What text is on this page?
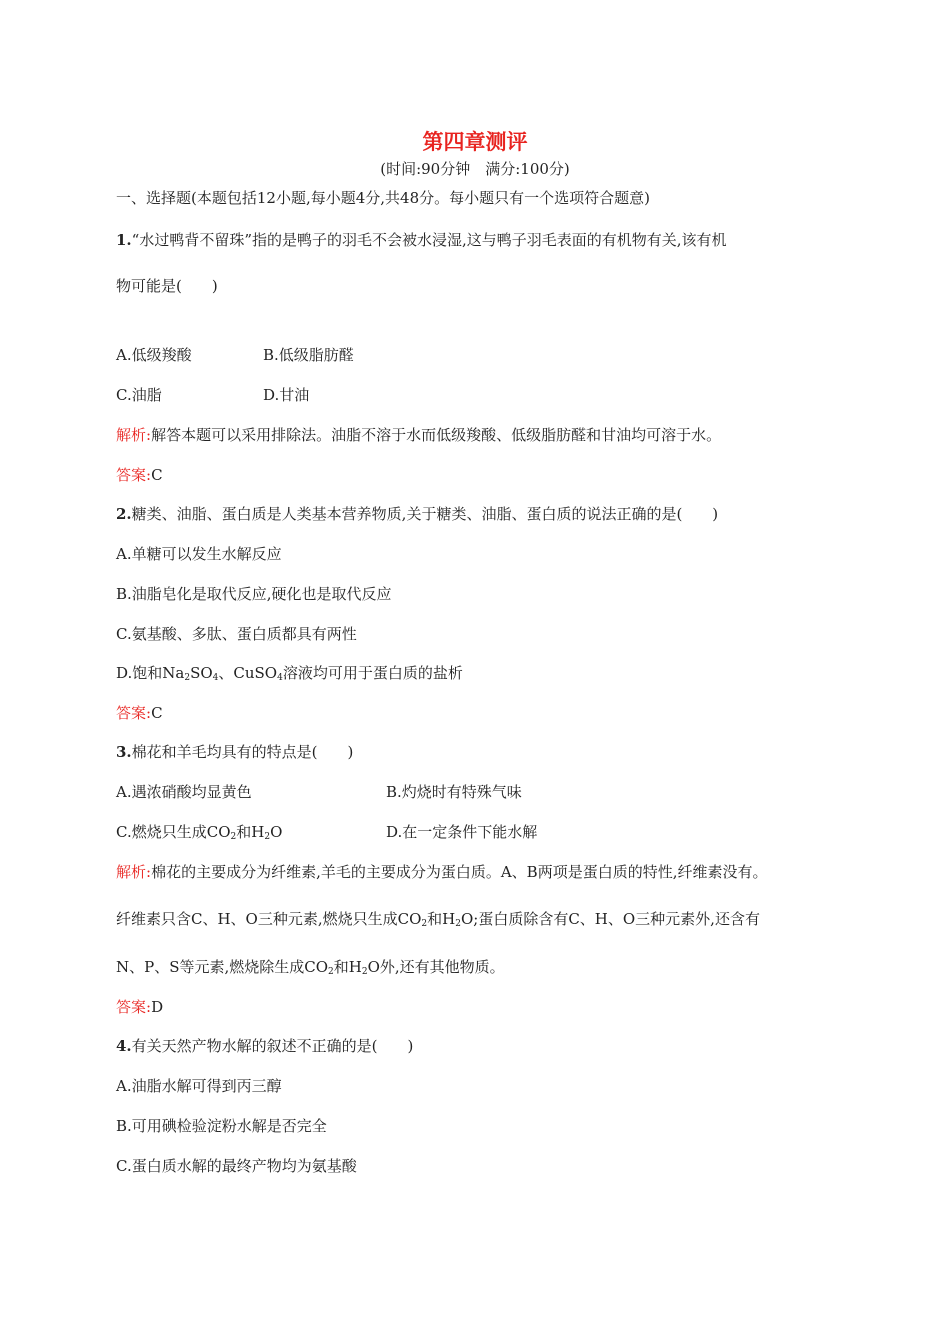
第四章测评
(时间:90分钟　满分:100分)
一、选择题(本题包括12小题,每小题4分,共48分。每小题只有一个选项符合题意)
1.“水过鸭背不留珠”指的是鸭子的羽毛不会被水浸湿,这与鸭子羽毛表面的有机物有关,该有机
物可能是(　　)
A.低级羧酸	B.低级脂肪醛
C.油脂	D.甘油
解析:解答本题可以采用排除法。油脂不溶于水而低级羧酸、低级脂肪醛和甘油均可溶于水。
答案:C
2.糖类、油脂、蛋白质是人类基本营养物质,关于糖类、油脂、蛋白质的说法正确的是(　　)
A.单糖可以发生水解反应
B.油脂皂化是取代反应,硬化也是取代反应
C.氨基酸、多肽、蛋白质都具有两性
D.饱和$Na_2SO_4$、CuSO$_4$溶液均可用于蛋白质的盐析
答案:C
3.棉花和羊毛均具有的特点是(　　)
A.遇浓硝酸均显黄色	B.灼烧时有特殊气味
C.燃烧只生成$CO_2$和$H_2O$	D.在一定条件下能水解
解析:棉花的主要成分为纤维素,羊毛的主要成分为蛋白质。A、B两项是蛋白质的特性,纤维素没有。
纤维素只含C、H、O三种元素,燃烧只生成$CO_2$和$H_2O$;蛋白质除含有C、H、O三种元素外,还含有
N、P、S等元素,燃烧除生成$CO_2$和$H_2O$外,还有其他物质。
答案:D
4.有关天然产物水解的叙述不正确的是(　　)
A.油脂水解可得到丙三醇
B.可用碘检验淀粉水解是否完全
C.蛋白质水解的最终产物均为氨基酸
